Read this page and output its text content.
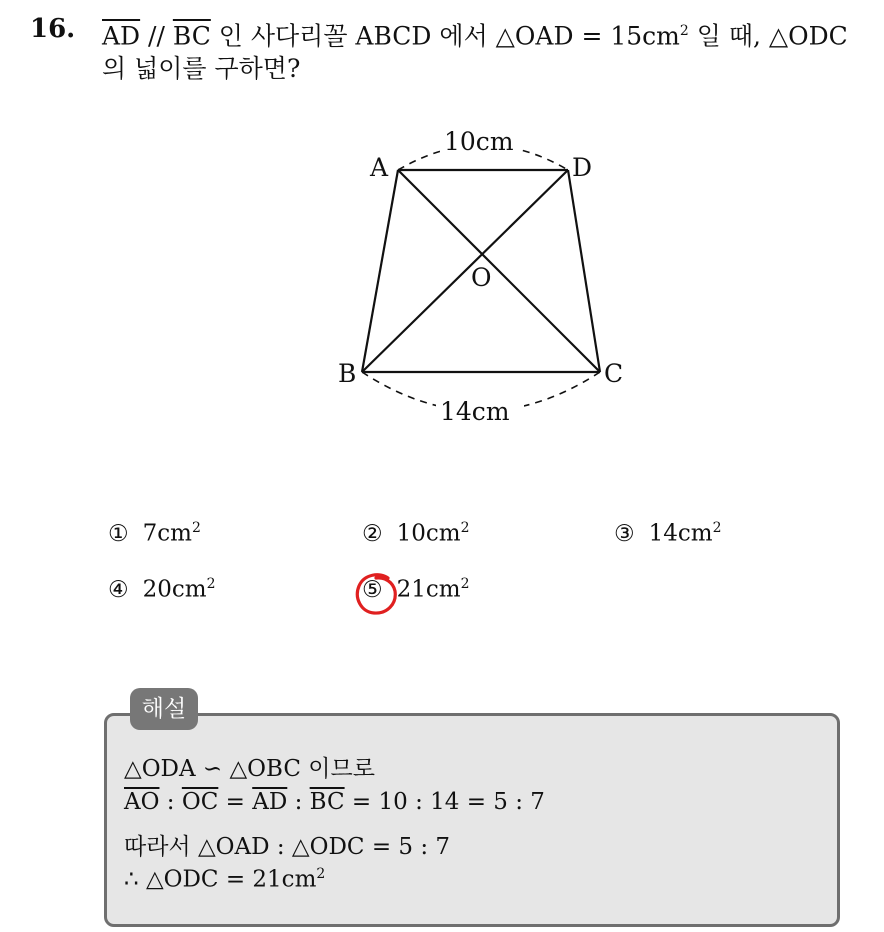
16. $\overline{AD} // \overline{BC}$ 인 사다리꼴 ABCD 에서 △OAD = $15cm^2$ 일 때, △ODC
의 넓이를 구하면?
A	D
O
B	C
10cm
14cm
① $7cm^2$	② $10cm^2$	③ $14cm^2$
④ $20cm^2$	⑤ $21cm^2$
해설
△ODA ∽ △OBC 이므로
$\overline{AO}$ : $\overline{OC} = \overline{AD}$ : $\overline{BC} = 10$ : 14 = 5 : 7
따라서 △OAD : △ODC = 5 : 7
∴ △ODC = $21cm^2$
